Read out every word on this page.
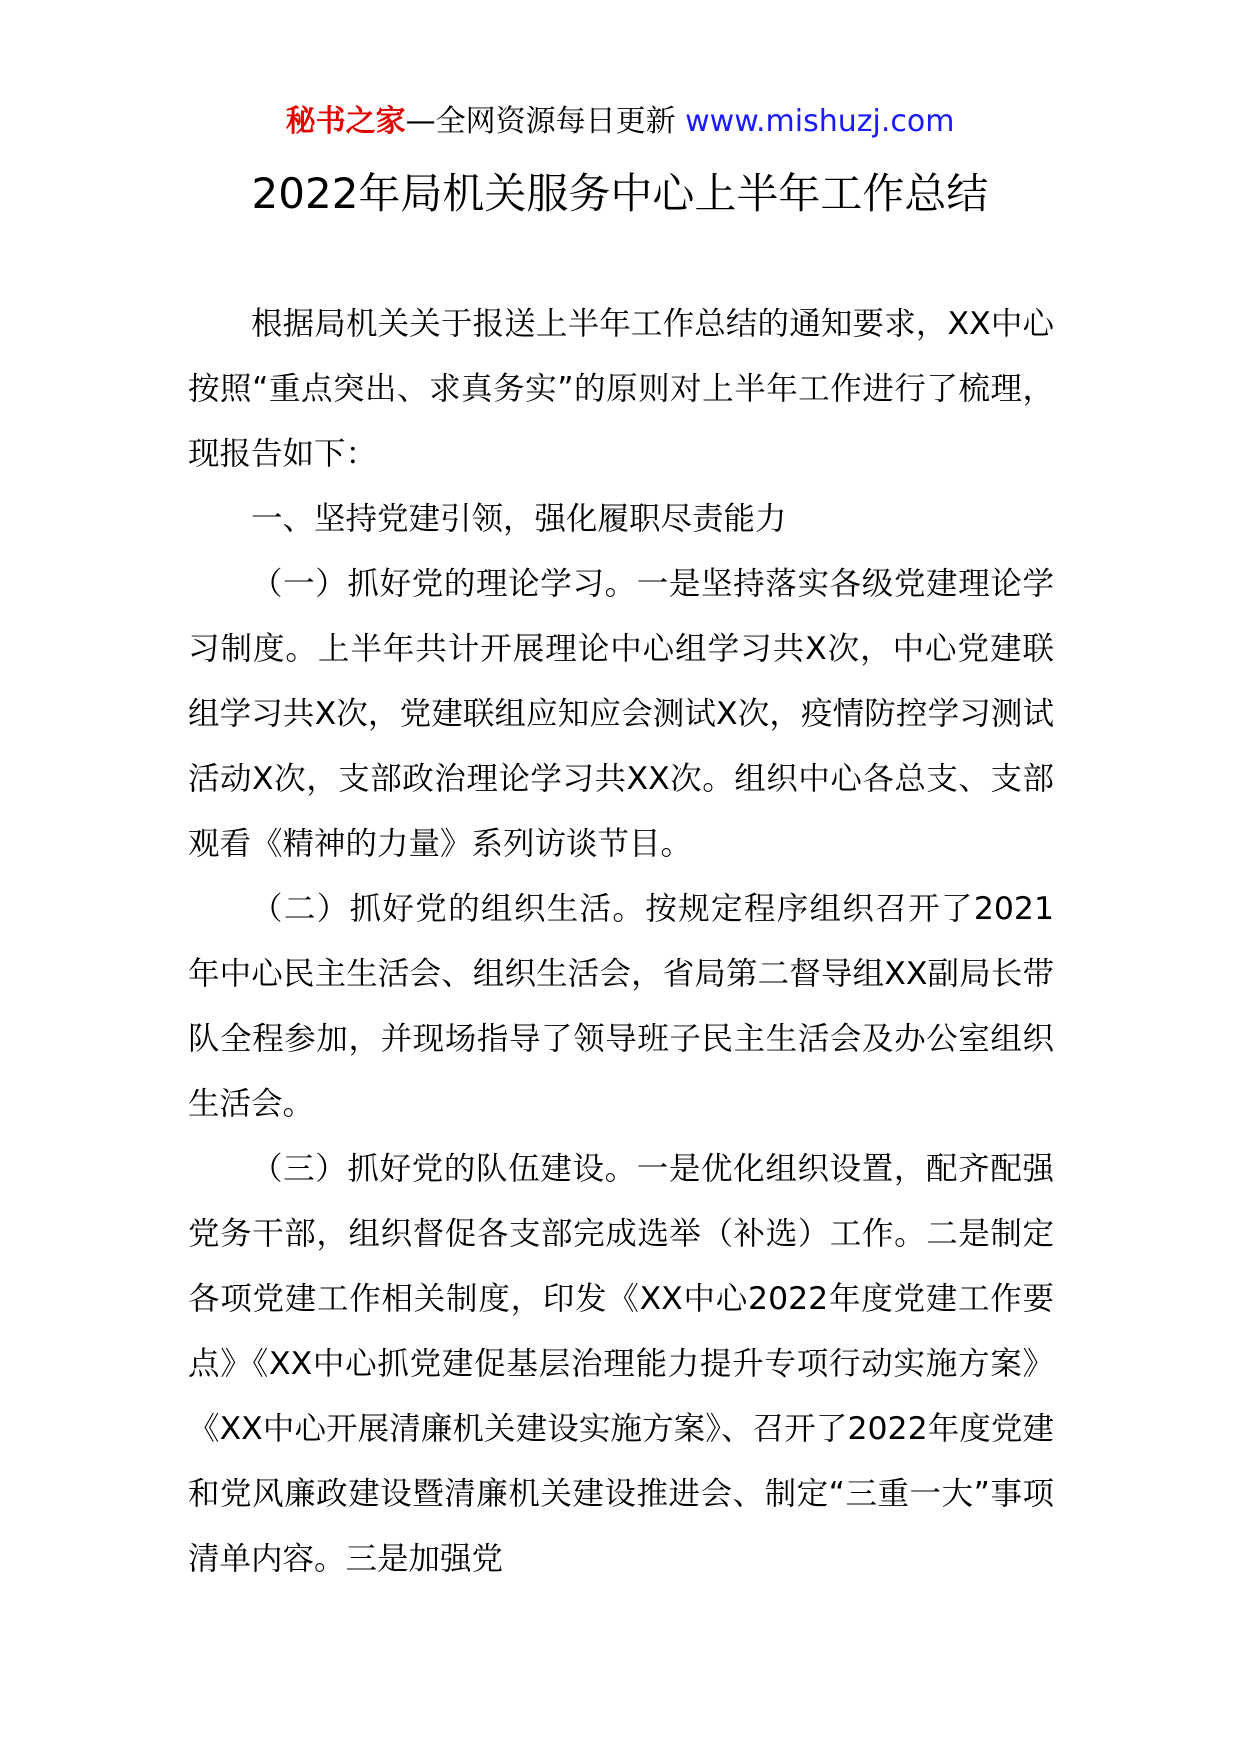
秘书之家—全网资源每日更新 www.mishuzj.com
2022年局机关服务中心上半年工作总结

根据局机关关于报送上半年工作总结的通知要求，XX中心按照“重点突出、求真务实”的原则对上半年工作进行了梳理，现报告如下：

一、坚持党建引领，强化履职尽责能力

（一）抓好党的理论学习。一是坚持落实各级党建理论学习制度。上半年共计开展理论中心组学习共X次，中心党建联组学习共X次，党建联组应知应会测试X次，疫情防控学习测试活动X次，支部政治理论学习共XX次。组织中心各总支、支部观看《精神的力量》系列访谈节目。

（二）抓好党的组织生活。按规定程序组织召开了2021年中心民主生活会、组织生活会，省局第二督导组XX副局长带队全程参加，并现场指导了领导班子民主生活会及办公室组织生活会。

（三）抓好党的队伍建设。一是优化组织设置，配齐配强党务干部，组织督促各支部完成选举（补选）工作。二是制定各项党建工作相关制度，印发《XX中心2022年度党建工作要点》《XX中心抓党建促基层治理能力提升专项行动实施方案》《XX中心开展清廉机关建设实施方案》、召开了2022年度党建和党风廉政建设暨清廉机关建设推进会、制定“三重一大”事项清单内容。三是加强党
